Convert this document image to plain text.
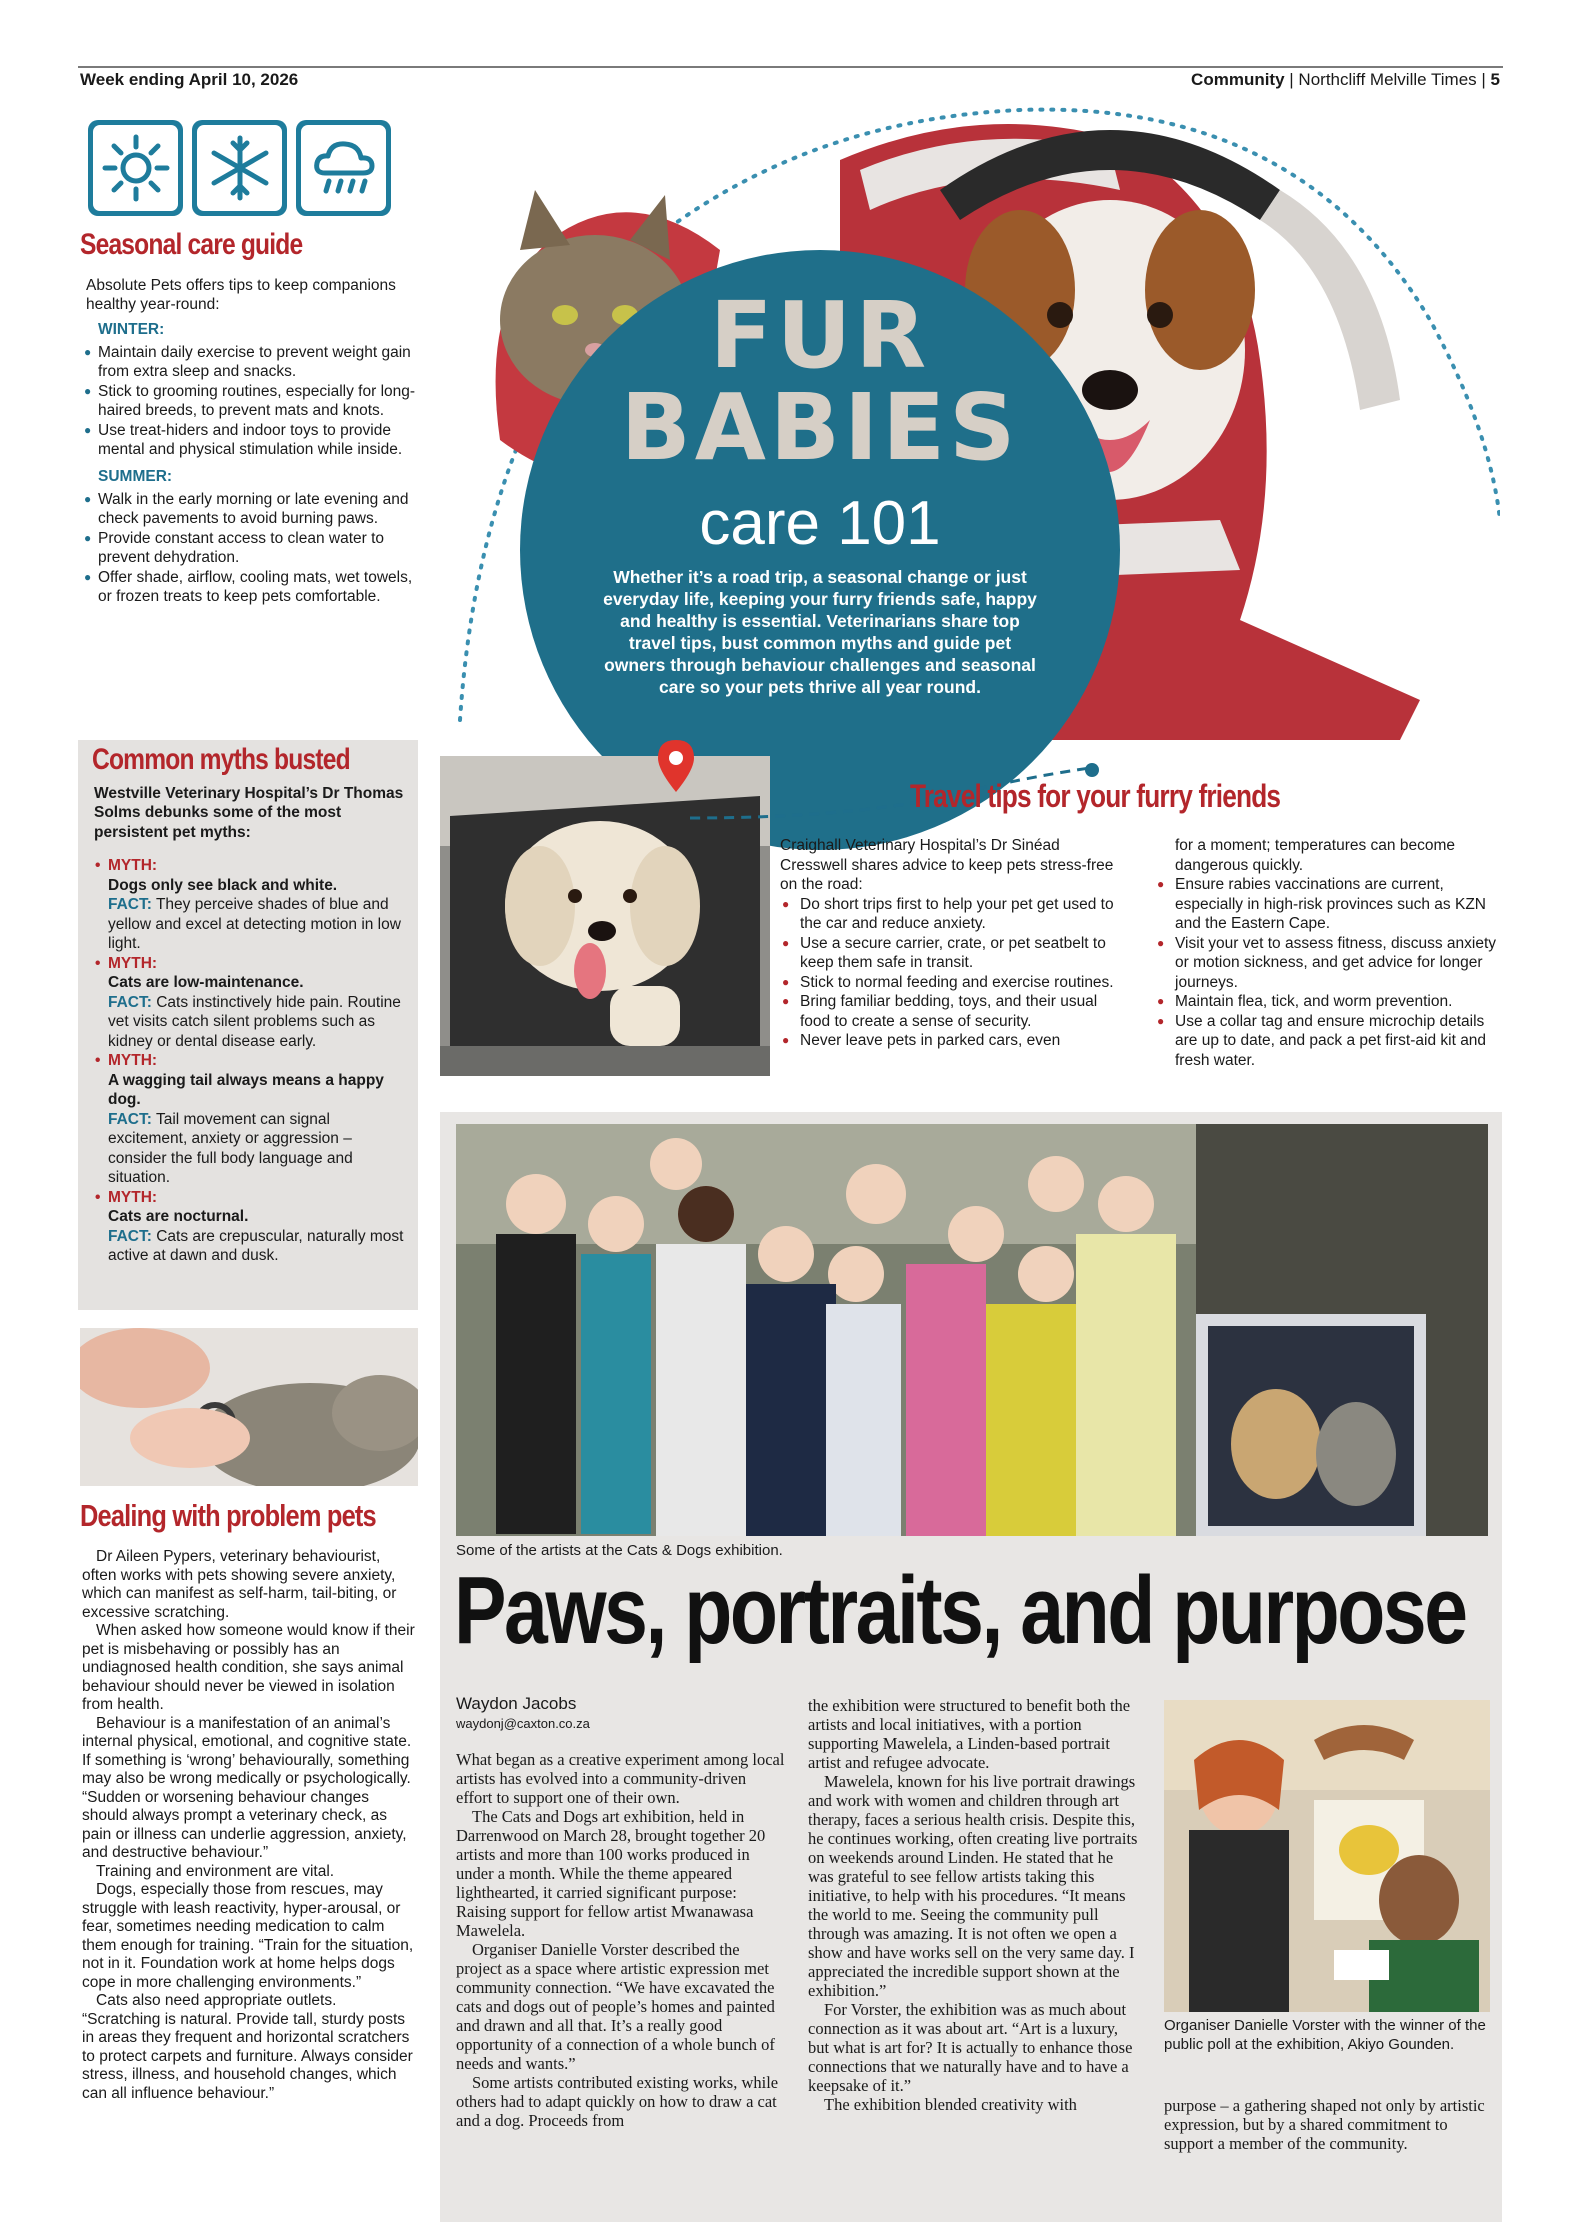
Week ending April 10, 2026	Community | Northcliff Melville Times | 5
FUR
BABIES
care 101
Whether it’s a road trip, a seasonal change or just everyday life, keeping your furry friends safe, happy and healthy is essential. Veterinarians share top travel tips, bust common myths and guide pet owners through behaviour challenges and seasonal care so your pets thrive all year round.
Seasonal care guide
Absolute Pets offers tips to keep companions healthy year-round:
WINTER:
● Maintain daily exercise to prevent weight gain from extra sleep and snacks.
● Stick to grooming routines, especially for long-haired breeds, to prevent mats and knots.
● Use treat-hiders and indoor toys to provide mental and physical stimulation while inside.
SUMMER:
● Walk in the early morning or late evening and check pavements to avoid burning paws.
● Provide constant access to clean water to prevent dehydration.
● Offer shade, airflow, cooling mats, wet towels, or frozen treats to keep pets comfortable.
Common myths busted
Westville Veterinary Hospital’s Dr Thomas Solms debunks some of the most persistent pet myths:
• MYTH:
Dogs only see black and white.
FACT: They perceive shades of blue and yellow and excel at detecting motion in low light.
• MYTH:
Cats are low-maintenance.
FACT: Cats instinctively hide pain. Routine vet visits catch silent problems such as kidney or dental disease early.
• MYTH:
A wagging tail always means a happy dog.
FACT: Tail movement can signal excitement, anxiety or aggression – consider the full body language and situation.
• MYTH:
Cats are nocturnal.
FACT: Cats are crepuscular, naturally most active at dawn and dusk.
Travel tips for your furry friends
Craighall Veterinary Hospital’s Dr Sinéad Cresswell shares advice to keep pets stress-free on the road:
● Do short trips first to help your pet get used to the car and reduce anxiety.
● Use a secure carrier, crate, or pet seatbelt to keep them safe in transit.
● Stick to normal feeding and exercise routines.
● Bring familiar bedding, toys, and their usual food to create a sense of security.
● Never leave pets in parked cars, even
for a moment; temperatures can become dangerous quickly.
● Ensure rabies vaccinations are current, especially in high-risk provinces such as KZN and the Eastern Cape.
● Visit your vet to assess fitness, discuss anxiety or motion sickness, and get advice for longer journeys.
● Maintain flea, tick, and worm prevention.
● Use a collar tag and ensure microchip details are up to date, and pack a pet first-aid kit and fresh water.
Dealing with problem pets

Dr Aileen Pypers, veterinary behaviourist, often works with pets showing severe anxiety, which can manifest as self-harm, tail-biting, or excessive scratching.

When asked how someone would know if their pet is misbehaving or possibly has an undiagnosed health condition, she says animal behaviour should never be viewed in isolation from health.

Behaviour is a manifestation of an animal’s internal physical, emotional, and cognitive state. If something is ‘wrong’ behaviourally, something may also be wrong medically or psychologically. “Sudden or worsening behaviour changes should always prompt a veterinary check, as pain or illness can underlie aggression, anxiety, and destructive behaviour.”

Training and environment are vital.

Dogs, especially those from rescues, may struggle with leash reactivity, hyper-arousal, or fear, sometimes needing medication to calm them enough for training. “Train for the situation, not in it. Foundation work at home helps dogs cope in more challenging environments.”

Cats also need appropriate outlets. “Scratching is natural. Provide tall, sturdy posts in areas they frequent and horizontal scratchers to protect carpets and furniture. Always consider stress, illness, and household changes, which can all influence behaviour.”

Some of the artists at the Cats & Dogs exhibition.
Paws, portraits, and purpose
Waydon Jacobs
waydonj@caxton.co.za

What began as a creative experiment among local artists has evolved into a community-driven effort to support one of their own.

The Cats and Dogs art exhibition, held in Darrenwood on March 28, brought together 20 artists and more than 100 works produced in under a month. While the theme appeared lighthearted, it carried significant purpose: Raising support for fellow artist Mwanawasa Mawelela.

Organiser Danielle Vorster described the project as a space where artistic expression met community connection. “We have excavated the cats and dogs out of people’s homes and painted and drawn and all that. It’s a really good opportunity of a connection of a whole bunch of needs and wants.”

Some artists contributed existing works, while others had to adapt quickly on how to draw a cat and a dog. Proceeds from

the exhibition were structured to benefit both the artists and local initiatives, with a portion supporting Mawelela, a Linden-based portrait artist and refugee advocate.

Mawelela, known for his live portrait drawings and work with women and children through art therapy, faces a serious health crisis. Despite this, he continues working, often creating live portraits on weekends around Linden. He stated that he was grateful to see fellow artists taking this initiative, to help with his procedures. “It means the world to me. Seeing the community pull through was amazing. It is not often we open a show and have works sell on the very same day. I appreciated the incredible support shown at the exhibition.”

For Vorster, the exhibition was as much about connection as it was about art. “Art is a luxury, but what is art for? It is actually to enhance those connections that we naturally have and to have a keepsake of it.”

The exhibition blended creativity with

Organiser Danielle Vorster with the winner of the public poll at the exhibition, Akiyo Gounden.

purpose – a gathering shaped not only by artistic expression, but by a shared commitment to support a member of the community.
